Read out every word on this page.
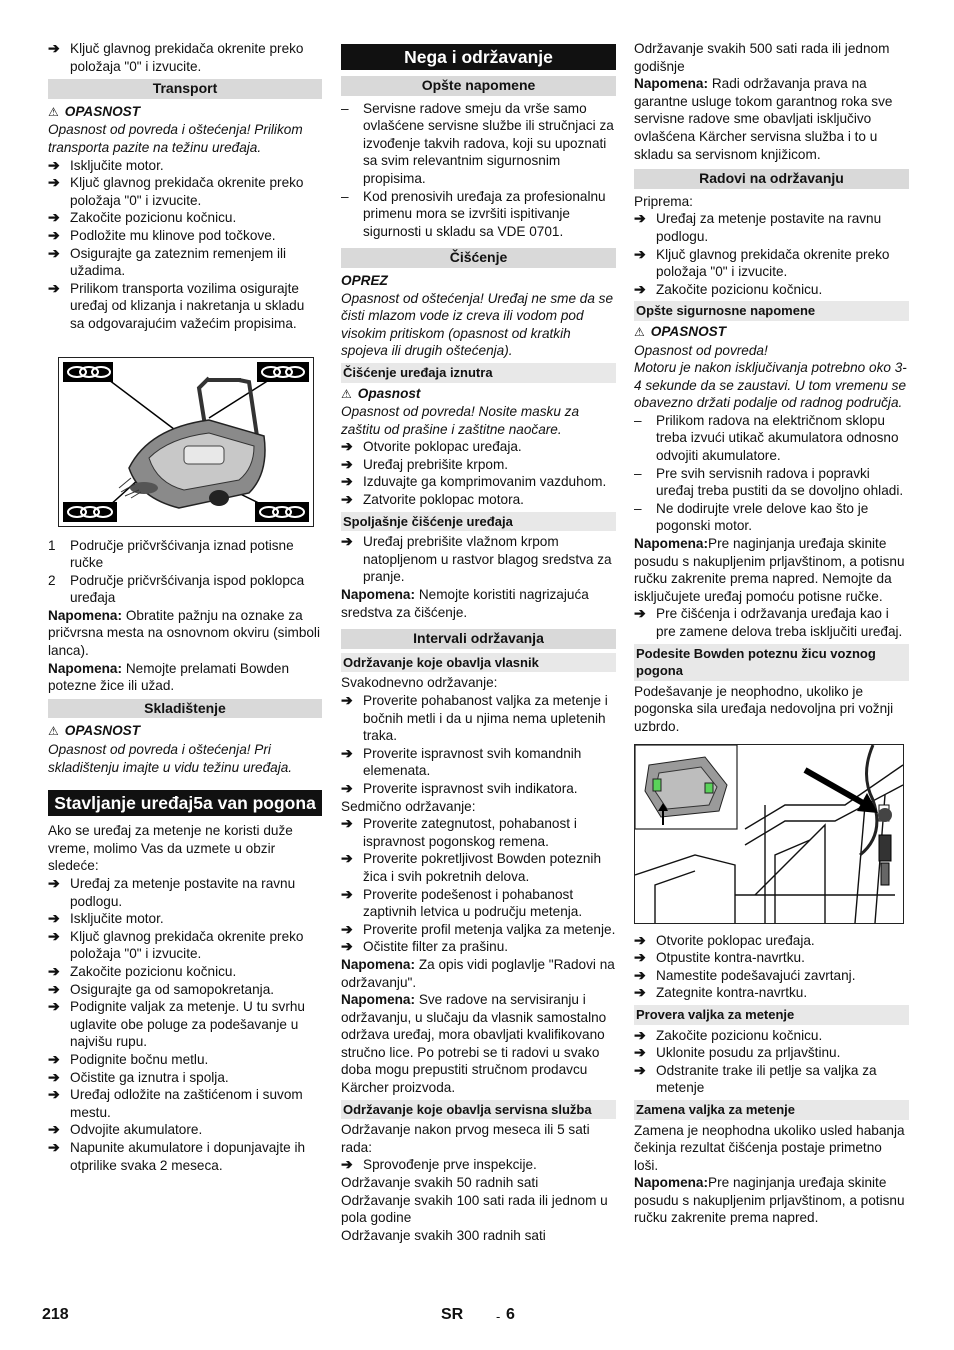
➔ Ključ glavnog prekidača okrenite preko položaja "0" i izvucite.

Transport

⚠ OPASNOST

Opasnost od povreda i oštećenja! Prilikom transporta pazite na težinu uređaja.

➔ Isključite motor.

➔ Ključ glavnog prekidača okrenite preko položaja "0" i izvucite.

➔ Zakočite pozicionu kočnicu.

➔ Podložite mu klinove pod točkove.

➔ Osigurajte ga zateznim remenjem ili užadima.

➔ Prilikom transporta vozilima osigurajte uređaj od klizanja i nakretanja u skladu sa odgovarajućim važećim propisima.

1 Područje pričvršćivanja iznad potisne ručke

2 Područje pričvršćivanja ispod poklopca uređaja

Napomena: Obratite pažnju na oznake za pričvrsna mesta na osnovnom okviru (simboli lanca).

Napomena: Nemojte prelamati Bowden potezne žice ili užad.

Skladištenje

⚠ OPASNOST

Opasnost od povreda i oštećenja! Pri skladištenju imajte u vidu težinu uređaja.

Stavljanje uređaj5a van pogona

Ako se uređaj za metenje ne koristi duže vreme, molimo Vas da uzmete u obzir sledeće:

➔ Uređaj za metenje postavite na ravnu podlogu.

➔ Isključite motor.

➔ Ključ glavnog prekidača okrenite preko položaja "0" i izvucite.

➔ Zakočite pozicionu kočnicu.

➔ Osigurajte ga od samopokretanja.

➔ Podignite valjak za metenje. U tu svrhu uglavite obe poluge za podešavanje u najvišu rupu.

➔ Podignite bočnu metlu.

➔ Očistite ga iznutra i spolja.

➔ Uređaj odložite na zaštićenom i suvom mestu.

➔ Odvojite akumulatore.

➔ Napunite akumulatore i dopunjavajte ih otprilike svaka 2 meseca.

Nega i održavanje
Opšte napomene

– Servisne radove smeju da vrše samo ovlašćene servisne službe ili stručnjaci za izvođenje takvih radova, koji su upoznati sa svim relevantnim sigurnosnim propisima.

– Kod prenosivih uređaja za profesionalnu primenu mora se izvršiti ispitivanje sigurnosti u skladu sa VDE 0701.

Čišćenje

OPREZ

Opasnost od oštećenja! Uređaj ne sme da se čisti mlazom vode iz creva ili vodom pod visokim pritiskom (opasnost od kratkih spojeva ili drugih oštećenja).

Čišćenje uređaja iznutra

⚠ Opasnost

Opasnost od povreda! Nosite masku za zaštitu od prašine i zaštitne naočare.

➔ Otvorite poklopac uređaja.

➔ Uređaj prebrišite krpom.

➔ Izduvajte ga komprimovanim vazduhom.

➔ Zatvorite poklopac motora.

Spoljašnje čišćenje uređaja

➔ Uređaj prebrišite vlažnom krpom natopljenom u rastvor blagog sredstva za pranje.

Napomena: Nemojte koristiti nagrizajuća sredstva za čišćenje.

Intervali održavanja
Održavanje koje obavlja vlasnik

Svakodnevno održavanje:

➔ Proverite pohabanost valjka za metenje i bočnih metli i da u njima nema upletenih traka.

➔ Proverite ispravnost svih komandnih elemenata.

➔ Proverite ispravnost svih indikatora.

Sedmično održavanje:

➔ Proverite zategnutost, pohabanost i ispravnost pogonskog remena.

➔ Proverite pokretljivost Bowden poteznih žica i svih pokretnih delova.

➔ Proverite podešenost i pohabanost zaptivnih letvica u području metenja.

➔ Proverite profil metenja valjka za metenje.

➔ Očistite filter za prašinu.

Napomena: Za opis vidi poglavlje "Radovi na održavanju".

Napomena: Sve radove na servisiranju i održavanju, u slučaju da vlasnik samostalno održava uređaj, mora obavljati kvalifikovano stručno lice. Po potrebi se ti radovi u svako doba mogu prepustiti stručnom prodavcu Kärcher proizvoda.

Održavanje koje obavlja servisna služba

Održavanje nakon prvog meseca ili 5 sati rada:

➔ Sprovođenje prve inspekcije.

Održavanje svakih 50 radnih sati

Održavanje svakih 100 sati rada ili jednom u pola godine

Održavanje svakih 300 radnih sati

Održavanje svakih 500 sati rada ili jednom godišnje

Napomena: Radi održavanja prava na garantne usluge tokom garantnog roka sve servisne radove sme obavljati isključivo ovlašćena Kärcher servisna služba i to u skladu sa servisnom knjižicom.

Radovi na održavanju

Priprema:

➔ Uređaj za metenje postavite na ravnu podlogu.

➔ Ključ glavnog prekidača okrenite preko položaja "0" i izvucite.

➔ Zakočite pozicionu kočnicu.

Opšte sigurnosne napomene

⚠ OPASNOST

Opasnost od povreda!

Motoru je nakon isključivanja potrebno oko 3-4 sekunde da se zaustavi. U tom vremenu se obavezno držati podalje od radnog područja.

– Prilikom radova na električnom sklopu treba izvući utikač akumulatora odnosno odvojiti akumulatore.

– Pre svih servisnih radova i popravki uređaj treba pustiti da se dovoljno ohladi.

– Ne dodirujte vrele delove kao što je pogonski motor.

Napomena:Pre naginjanja uređaja skinite posudu s nakupljenim prljavštinom, a potisnu ručku zakrenite prema napred. Nemojte da isključujete uređaj pomoću potisne ručke.

➔ Pre čišćenja i održavanja uređaja kao i pre zamene delova treba isključiti uređaj.

Podesite Bowden poteznu žicu voznog pogona

Podešavanje je neophodno, ukoliko je pogonska sila uređaja nedovoljna pri vožnji uzbrdo.

➔ Otvorite poklopac uređaja.

➔ Otpustite kontra-navrtku.

➔ Namestite podešavajući zavrtanj.

➔ Zategnite kontra-navrtku.

Provera valjka za metenje

➔ Zakočite pozicionu kočnicu.

➔ Uklonite posudu za prljavštinu.

➔ Odstranite trake ili petlje sa valjka za metenje

Zamena valjka za metenje

Zamena je neophodna ukoliko usled habanja čekinja rezultat čišćenja postaje primetno loši.

Napomena:Pre naginjanja uređaja skinite posudu s nakupljenim prljavštinom, a potisnu ručku zakrenite prema napred.

218	SR	- 6
